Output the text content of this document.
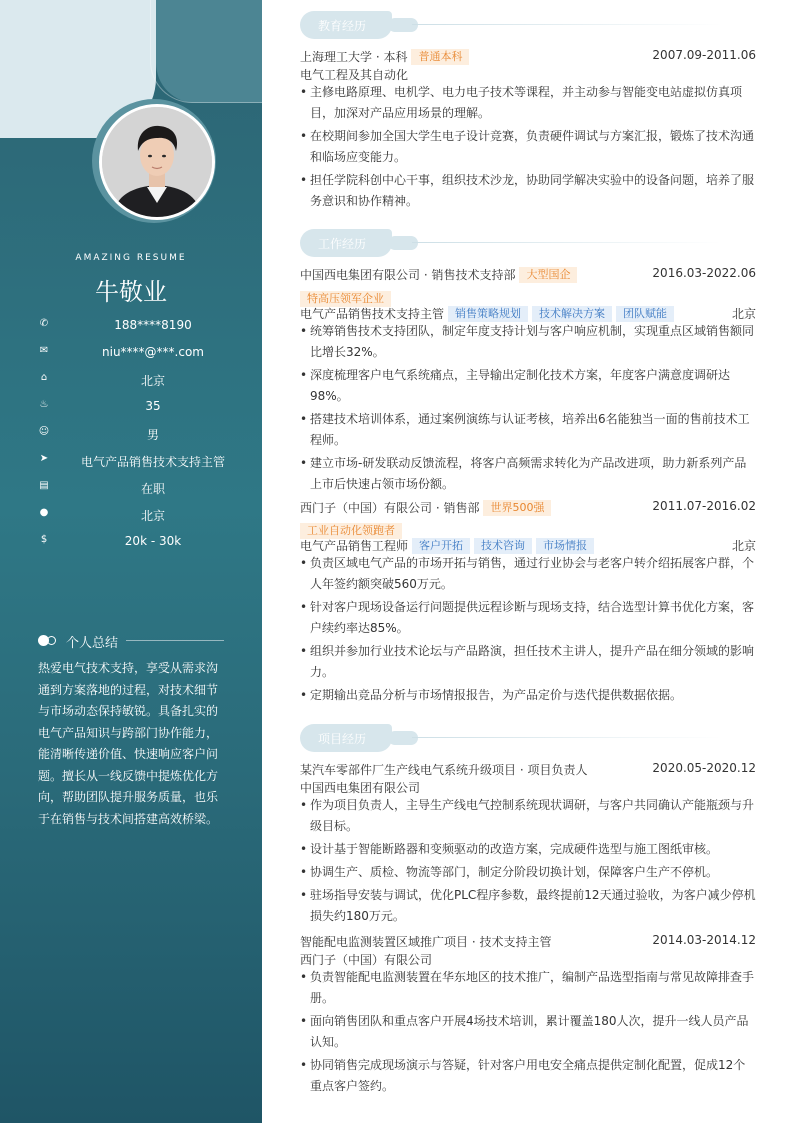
AMAZING RESUME
牛敬业
✆	188****8190
✉	niu****@***.com
⌂	北京
♨	35
☺	男
➤	电气产品销售技术支持主管
▤	在职
●	北京
$	20k - 30k
个人总结
热爱电气技术支持，享受从需求沟通到方案落地的过程，对技术细节与市场动态保持敏锐。具备扎实的电气产品知识与跨部门协作能力，能清晰传递价值、快速响应客户问题。擅长从一线反馈中提炼优化方向，帮助团队提升服务质量，也乐于在销售与技术间搭建高效桥梁。
教育经历
上海理工大学 · 本科 普通本科	2007.09-2011.06
电气工程及其自动化
• 主修电路原理、电机学、电力电子技术等课程，并主动参与智能变电站虚拟仿真项目，加深对产品应用场景的理解。
• 在校期间参加全国大学生电子设计竞赛，负责硬件调试与方案汇报，锻炼了技术沟通和临场应变能力。
• 担任学院科创中心干事，组织技术沙龙，协助同学解决实验中的设备问题，培养了服务意识和协作精神。
工作经历
中国西电集团有限公司 · 销售技术支持部 大型国企	2016.03-2022.06
特高压领军企业
电气产品销售技术支持主管 销售策略规划 技术解决方案 团队赋能	北京
• 统筹销售技术支持团队，制定年度支持计划与客户响应机制，实现重点区域销售额同比增长32%。
• 深度梳理客户电气系统痛点，主导输出定制化技术方案，年度客户满意度调研达98%。
• 搭建技术培训体系，通过案例演练与认证考核，培养出6名能独当一面的售前技术工程师。
• 建立市场-研发联动反馈流程，将客户高频需求转化为产品改进项，助力新系列产品上市后快速占领市场份额。
西门子（中国）有限公司 · 销售部 世界500强	2011.07-2016.02
工业自动化领跑者
电气产品销售工程师 客户开拓 技术咨询 市场情报	北京
• 负责区域电气产品的市场开拓与销售，通过行业协会与老客户转介绍拓展客户群，个人年签约额突破560万元。
• 针对客户现场设备运行问题提供远程诊断与现场支持，结合选型计算书优化方案，客户续约率达85%。
• 组织并参加行业技术论坛与产品路演，担任技术主讲人，提升产品在细分领域的影响力。
• 定期输出竞品分析与市场情报报告，为产品定价与迭代提供数据依据。
项目经历
某汽车零部件厂生产线电气系统升级项目 · 项目负责人	2020.05-2020.12
中国西电集团有限公司
• 作为项目负责人，主导生产线电气控制系统现状调研，与客户共同确认产能瓶颈与升级目标。
• 设计基于智能断路器和变频驱动的改造方案，完成硬件选型与施工图纸审核。
• 协调生产、质检、物流等部门，制定分阶段切换计划，保障客户生产不停机。
• 驻场指导安装与调试，优化PLC程序参数，最终提前12天通过验收，为客户减少停机损失约180万元。
智能配电监测装置区域推广项目 · 技术支持主管	2014.03-2014.12
西门子（中国）有限公司
• 负责智能配电监测装置在华东地区的技术推广，编制产品选型指南与常见故障排查手册。
• 面向销售团队和重点客户开展4场技术培训，累计覆盖180人次，提升一线人员产品认知。
• 协同销售完成现场演示与答疑，针对客户用电安全痛点提供定制化配置，促成12个重点客户签约。
